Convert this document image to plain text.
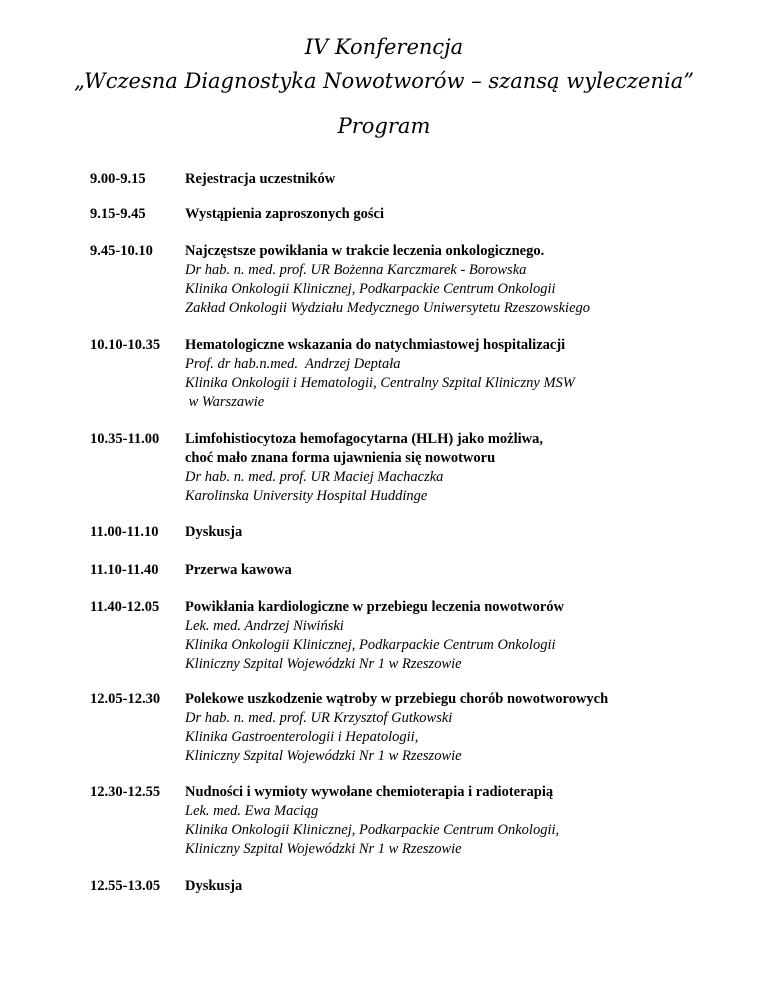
IV Konferencja
„Wczesna Diagnostyka Nowotworów – szansą wyleczenia”
Program
9.00-9.15	Rejestracja uczestników
9.15-9.45	Wystąpienia zaproszonych gości
9.45-10.10	Najczęstsze powikłania w trakcie leczenia onkologicznego.
Dr hab. n. med. prof. UR Bożenna Karczmarek - Borowska
Klinika Onkologii Klinicznej, Podkarpackie Centrum Onkologii
Zakład Onkologii Wydziału Medycznego Uniwersytetu Rzeszowskiego
10.10-10.35	Hematologiczne wskazania do natychmiastowej hospitalizacji
Prof. dr hab.n.med.  Andrzej Deptała
Klinika Onkologii i Hematologii, Centralny Szpital Kliniczny MSW
w Warszawie
10.35-11.00	Limfohistiocytoza hemofagocytarna (HLH) jako możliwa,
choć mało znana forma ujawnienia się nowotworu
Dr hab. n. med. prof. UR Maciej Machaczka
Karolinska University Hospital Huddinge
11.00-11.10	Dyskusja
11.10-11.40	Przerwa kawowa
11.40-12.05	Powikłania kardiologiczne w przebiegu leczenia nowotworów
Lek. med. Andrzej Niwiński
Klinika Onkologii Klinicznej, Podkarpackie Centrum Onkologii
Kliniczny Szpital Wojewódzki Nr 1 w Rzeszowie
12.05-12.30	Polekowe uszkodzenie wątroby w przebiegu chorób nowotworowych
Dr hab. n. med. prof. UR Krzysztof Gutkowski
Klinika Gastroenterologii i Hepatologii,
Kliniczny Szpital Wojewódzki Nr 1 w Rzeszowie
12.30-12.55	Nudności i wymioty wywołane chemioterapia i radioterapią
Lek. med. Ewa Maciąg
Klinika Onkologii Klinicznej, Podkarpackie Centrum Onkologii,
Kliniczny Szpital Wojewódzki Nr 1 w Rzeszowie
12.55-13.05	Dyskusja
